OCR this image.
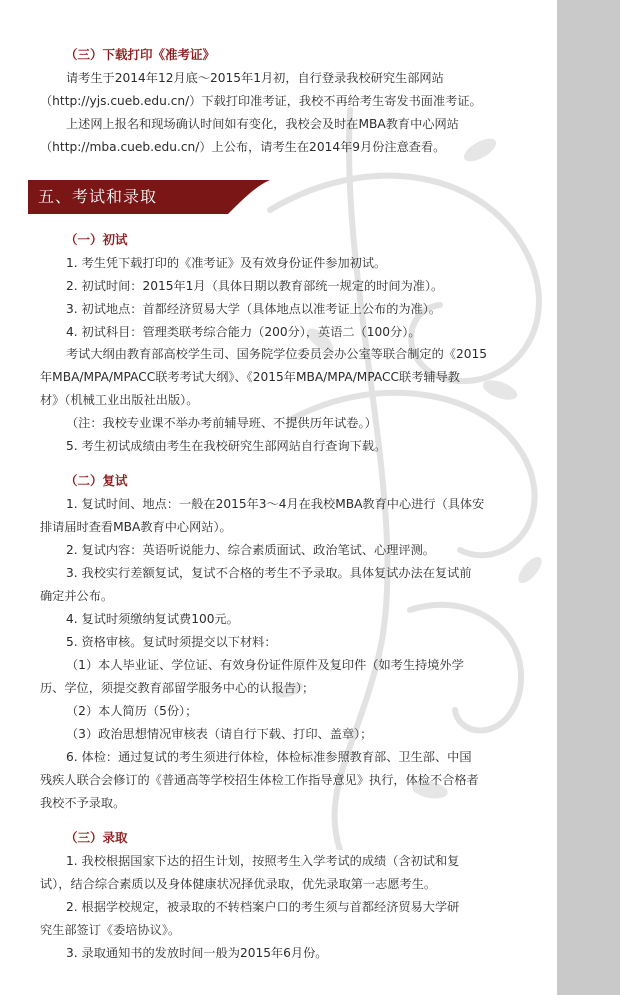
（三）下载打印《准考证》
请考生于2014年12月底～2015年1月初，自行登录我校研究生部网站
（http://yjs.cueb.edu.cn/）下载打印准考证，我校不再给考生寄发书面准考证。
上述网上报名和现场确认时间如有变化，我校会及时在MBA教育中心网站
（http://mba.cueb.edu.cn/）上公布，请考生在2014年9月份注意查看。
五、考试和录取
（一）初试
1. 考生凭下载打印的《准考证》及有效身份证件参加初试。
2. 初试时间：2015年1月（具体日期以教育部统一规定的时间为准）。
3. 初试地点：首都经济贸易大学（具体地点以准考证上公布的为准）。
4. 初试科目：管理类联考综合能力（200分），英语二（100分）。
考试大纲由教育部高校学生司、国务院学位委员会办公室等联合制定的《2015
年MBA/MPA/MPACC联考考试大纲》、《2015年MBA/MPA/MPACC联考辅导教
材》（机械工业出版社出版）。
（注：我校专业课不举办考前辅导班、不提供历年试卷。）
5. 考生初试成绩由考生在我校研究生部网站自行查询下载。
（二）复试
1. 复试时间、地点：一般在2015年3～4月在我校MBA教育中心进行（具体安
排请届时查看MBA教育中心网站）。
2. 复试内容：英语听说能力、综合素质面试、政治笔试、心理评测。
3. 我校实行差额复试，复试不合格的考生不予录取。具体复试办法在复试前
确定并公布。
4. 复试时须缴纳复试费100元。
5. 资格审核。复试时须提交以下材料：
（1）本人毕业证、学位证、有效身份证件原件及复印件（如考生持境外学
历、学位，须提交教育部留学服务中心的认报告）；
（2）本人简历（5份）；
（3）政治思想情况审核表（请自行下载、打印、盖章）；
6. 体检：通过复试的考生须进行体检，体检标准参照教育部、卫生部、中国
残疾人联合会修订的《普通高等学校招生体检工作指导意见》执行，体检不合格者
我校不予录取。
（三）录取
1. 我校根据国家下达的招生计划，按照考生入学考试的成绩（含初试和复
试），结合综合素质以及身体健康状况择优录取，优先录取第一志愿考生。
2. 根据学校规定，被录取的不转档案户口的考生须与首都经济贸易大学研
究生部签订《委培协议》。
3. 录取通知书的发放时间一般为2015年6月份。
